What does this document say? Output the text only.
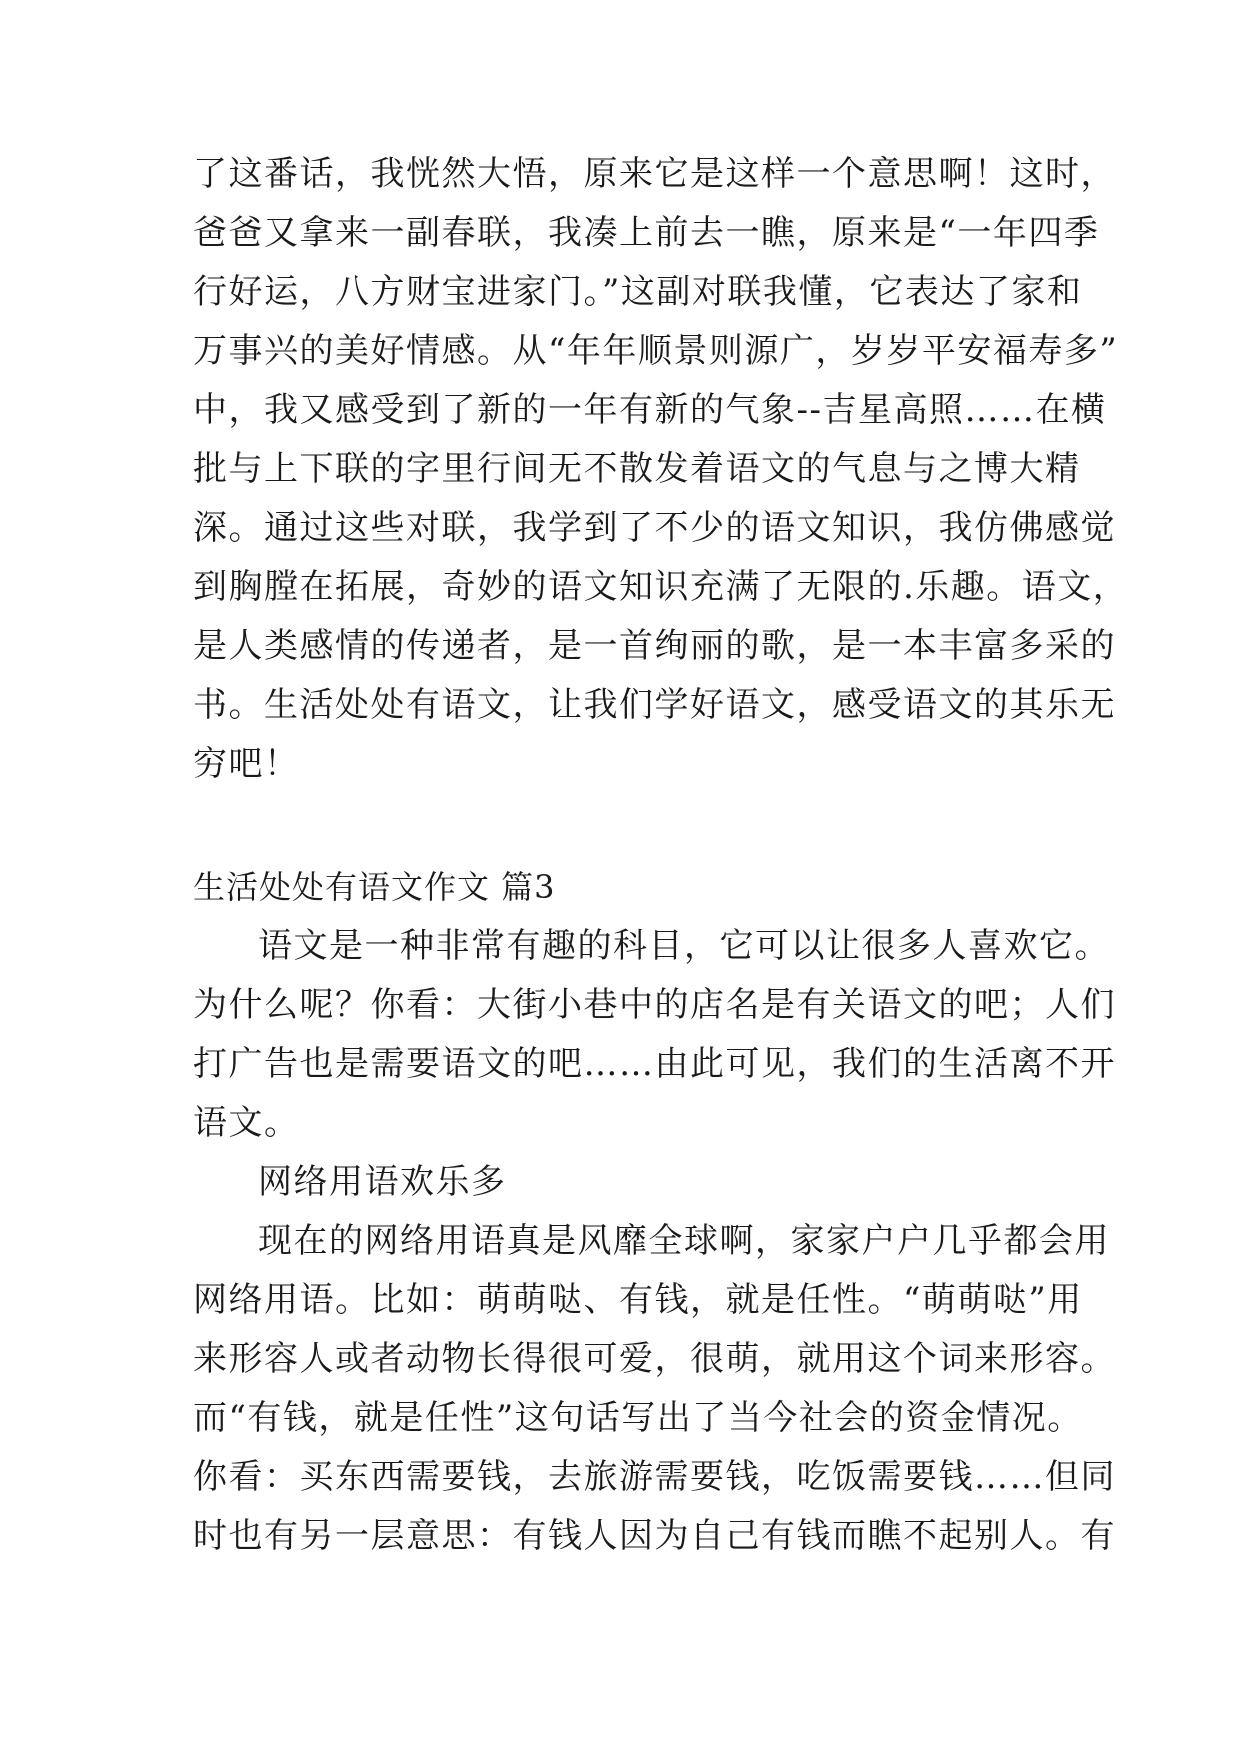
了这番话，我恍然大悟，原来它是这样一个意思啊！这时，
爸爸又拿来一副春联，我凑上前去一瞧，原来是“一年四季
行好运，八方财宝进家门。”这副对联我懂，它表达了家和
万事兴的美好情感。从“年年顺景则源广，岁岁平安福寿多”
中，我又感受到了新的一年有新的气象--吉星高照……在横
批与上下联的字里行间无不散发着语文的气息与之博大精
深。通过这些对联，我学到了不少的语文知识，我仿佛感觉
到胸膛在拓展，奇妙的语文知识充满了无限的.乐趣。语文，
是人类感情的传递者，是一首绚丽的歌，是一本丰富多采的
书。生活处处有语文，让我们学好语文，感受语文的其乐无
穷吧！
生活处处有语文作文 篇3
语文是一种非常有趣的科目，它可以让很多人喜欢它。
为什么呢？你看：大街小巷中的店名是有关语文的吧；人们
打广告也是需要语文的吧……由此可见，我们的生活离不开
语文。
网络用语欢乐多
现在的网络用语真是风靡全球啊，家家户户几乎都会用
网络用语。比如：萌萌哒、有钱，就是任性。“萌萌哒”用
来形容人或者动物长得很可爱，很萌，就用这个词来形容。
而“有钱，就是任性”这句话写出了当今社会的资金情况。
你看：买东西需要钱，去旅游需要钱，吃饭需要钱……但同
时也有另一层意思：有钱人因为自己有钱而瞧不起别人。有
